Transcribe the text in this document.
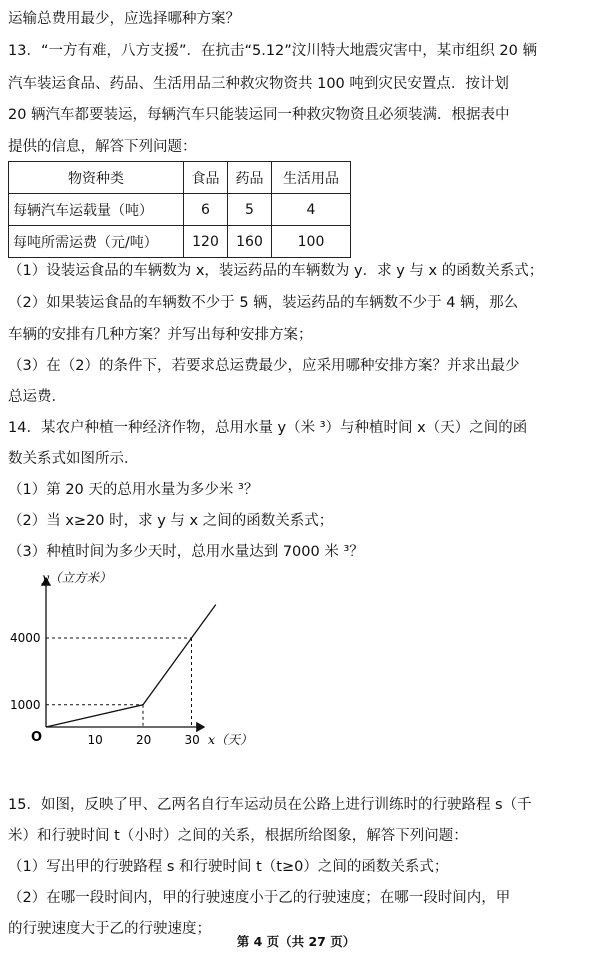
运输总费用最少，应选择哪种方案？
13．“一方有难，八方支援”．在抗击“5.12”汶川特大地震灾害中，某市组织 20 辆
汽车装运食品、药品、生活用品三种救灾物资共 100 吨到灾民安置点．按计划
20 辆汽车都要装运，每辆汽车只能装运同一种救灾物资且必须装满．根据表中
提供的信息，解答下列问题：
物资种类	食品	药品	生活用品
每辆汽车运载量（吨）	6	5	4
每吨所需运费（元/吨）	120	160	100
（1）设装运食品的车辆数为 x，装运药品的车辆数为 y．求 y 与 x 的函数关系式；
（2）如果装运食品的车辆数不少于 5 辆，装运药品的车辆数不少于 4 辆，那么
车辆的安排有几种方案？并写出每种安排方案；
（3）在（2）的条件下，若要求总运费最少，应采用哪种安排方案？并求出最少
总运费．
14．某农户种植一种经济作物，总用水量 y（米 ³）与种植时间 x（天）之间的函
数关系式如图所示．
（1）第 20 天的总用水量为多少米 ³？
（2）当 x≥20 时，求 y 与 x 之间的函数关系式；
（3）种植时间为多少天时，总用水量达到 7000 米 ³？
y（立方米）
x（天）
O	10	20	30
1000
4000
15．如图，反映了甲、乙两名自行车运动员在公路上进行训练时的行驶路程 s（千
米）和行驶时间 t（小时）之间的关系，根据所给图象，解答下列问题：
（1）写出甲的行驶路程 s 和行驶时间 t（t≥0）之间的函数关系式；
（2）在哪一段时间内，甲的行驶速度小于乙的行驶速度；在哪一段时间内，甲
第 4 页（共 27 页）
的行驶速度大于乙的行驶速度；
